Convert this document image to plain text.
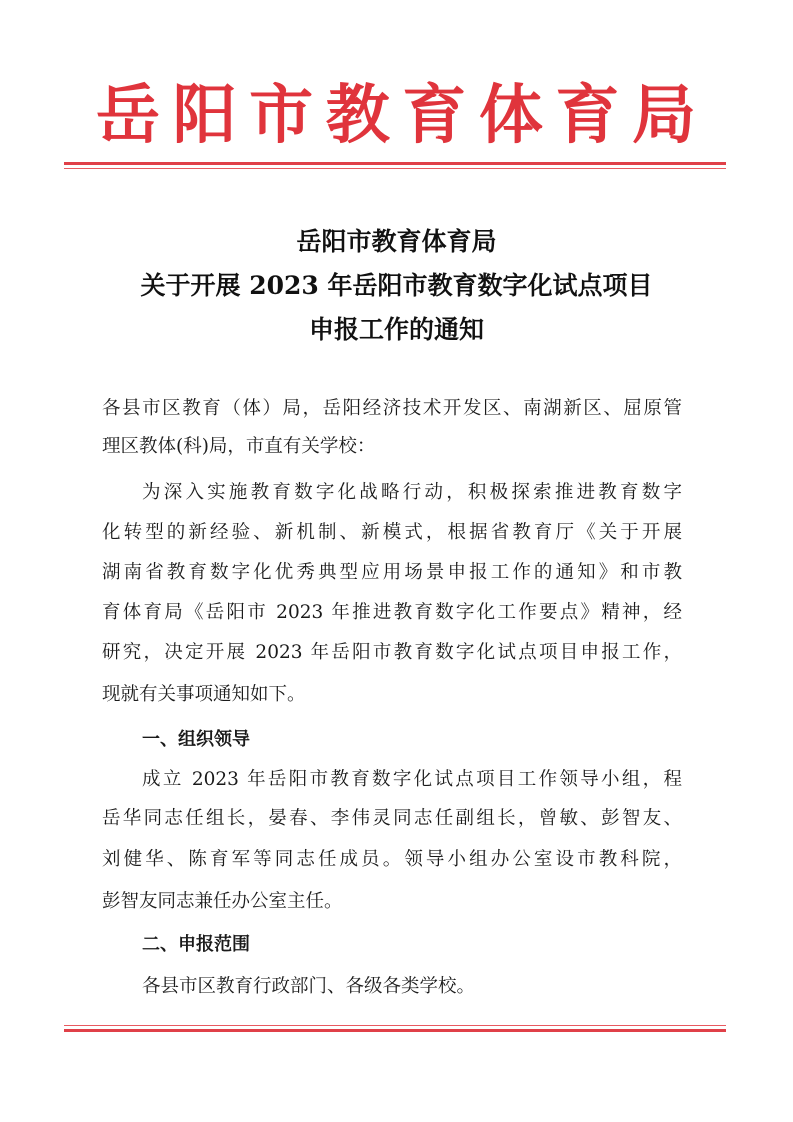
岳阳市教育体育局
岳阳市教育体育局
关于开展 2023 年岳阳市教育数字化试点项目
申报工作的通知
各县市区教育（体）局，岳阳经济技术开发区、南湖新区、屈原管
理区教体(科)局，市直有关学校：
为深入实施教育数字化战略行动，积极探索推进教育数字
化转型的新经验、新机制、新模式，根据省教育厅《关于开展
湖南省教育数字化优秀典型应用场景申报工作的通知》和市教
育体育局《岳阳市 2023 年推进教育数字化工作要点》精神，经
研究，决定开展 2023 年岳阳市教育数字化试点项目申报工作，
现就有关事项通知如下。
一、组织领导
成立 2023 年岳阳市教育数字化试点项目工作领导小组，程
岳华同志任组长，晏春、李伟灵同志任副组长，曾敏、彭智友、
刘健华、陈育军等同志任成员。领导小组办公室设市教科院，
彭智友同志兼任办公室主任。
二、申报范围
各县市区教育行政部门、各级各类学校。
